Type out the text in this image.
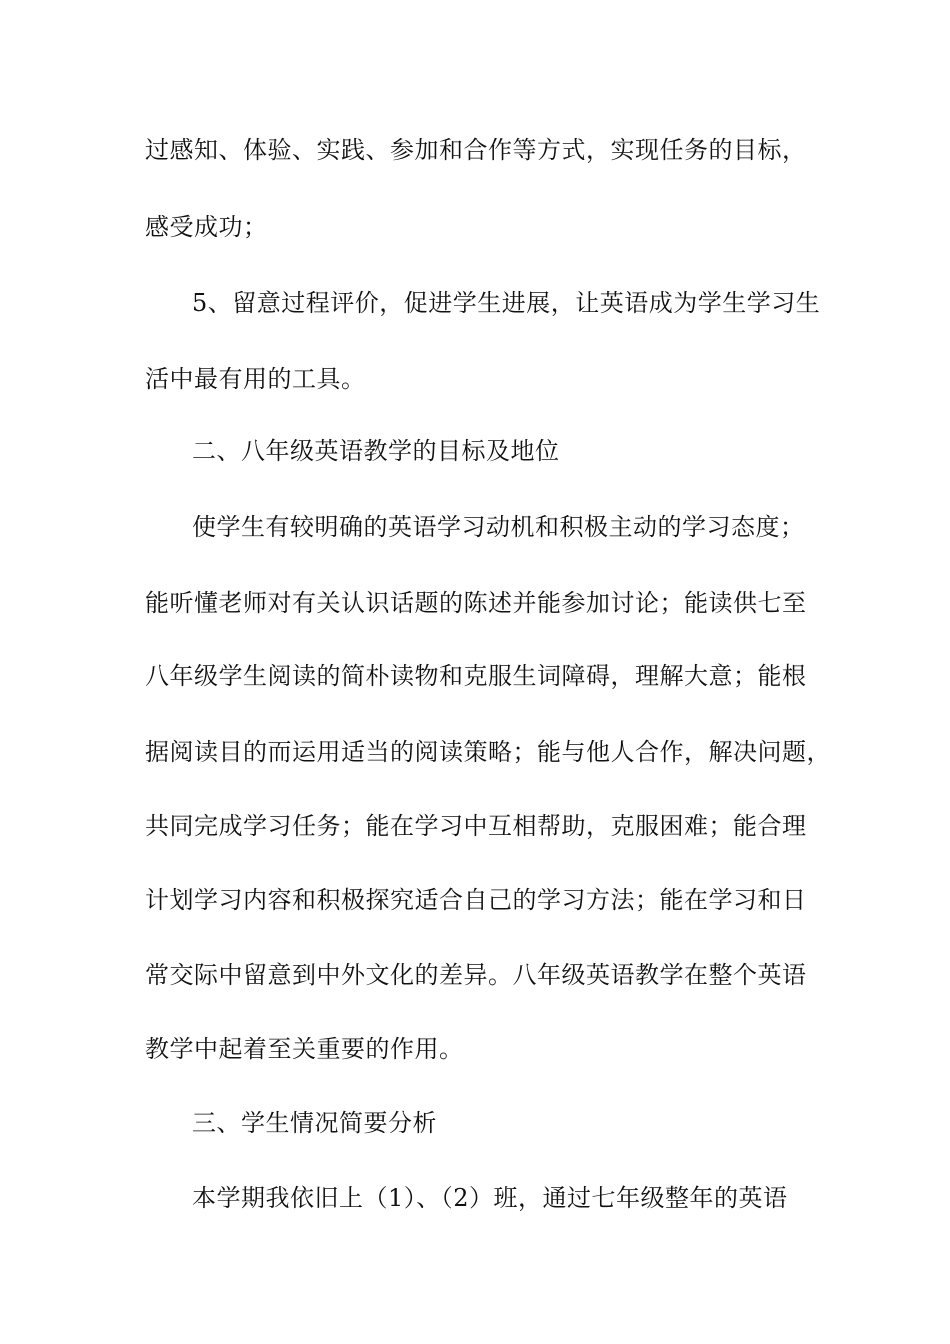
过感知、体验、实践、参加和合作等方式，实现任务的目标，
感受成功；
5、留意过程评价，促进学生进展，让英语成为学生学习生
活中最有用的工具。
二、八年级英语教学的目标及地位
使学生有较明确的英语学习动机和积极主动的学习态度；
能听懂老师对有关认识话题的陈述并能参加讨论；能读供七至
八年级学生阅读的简朴读物和克服生词障碍，理解大意；能根
据阅读目的而运用适当的阅读策略；能与他人合作，解决问题，
共同完成学习任务；能在学习中互相帮助，克服困难；能合理
计划学习内容和积极探究适合自己的学习方法；能在学习和日
常交际中留意到中外文化的差异。八年级英语教学在整个英语
教学中起着至关重要的作用。
三、学生情况简要分析
本学期我依旧上（1）、（2）班，通过七年级整年的英语
